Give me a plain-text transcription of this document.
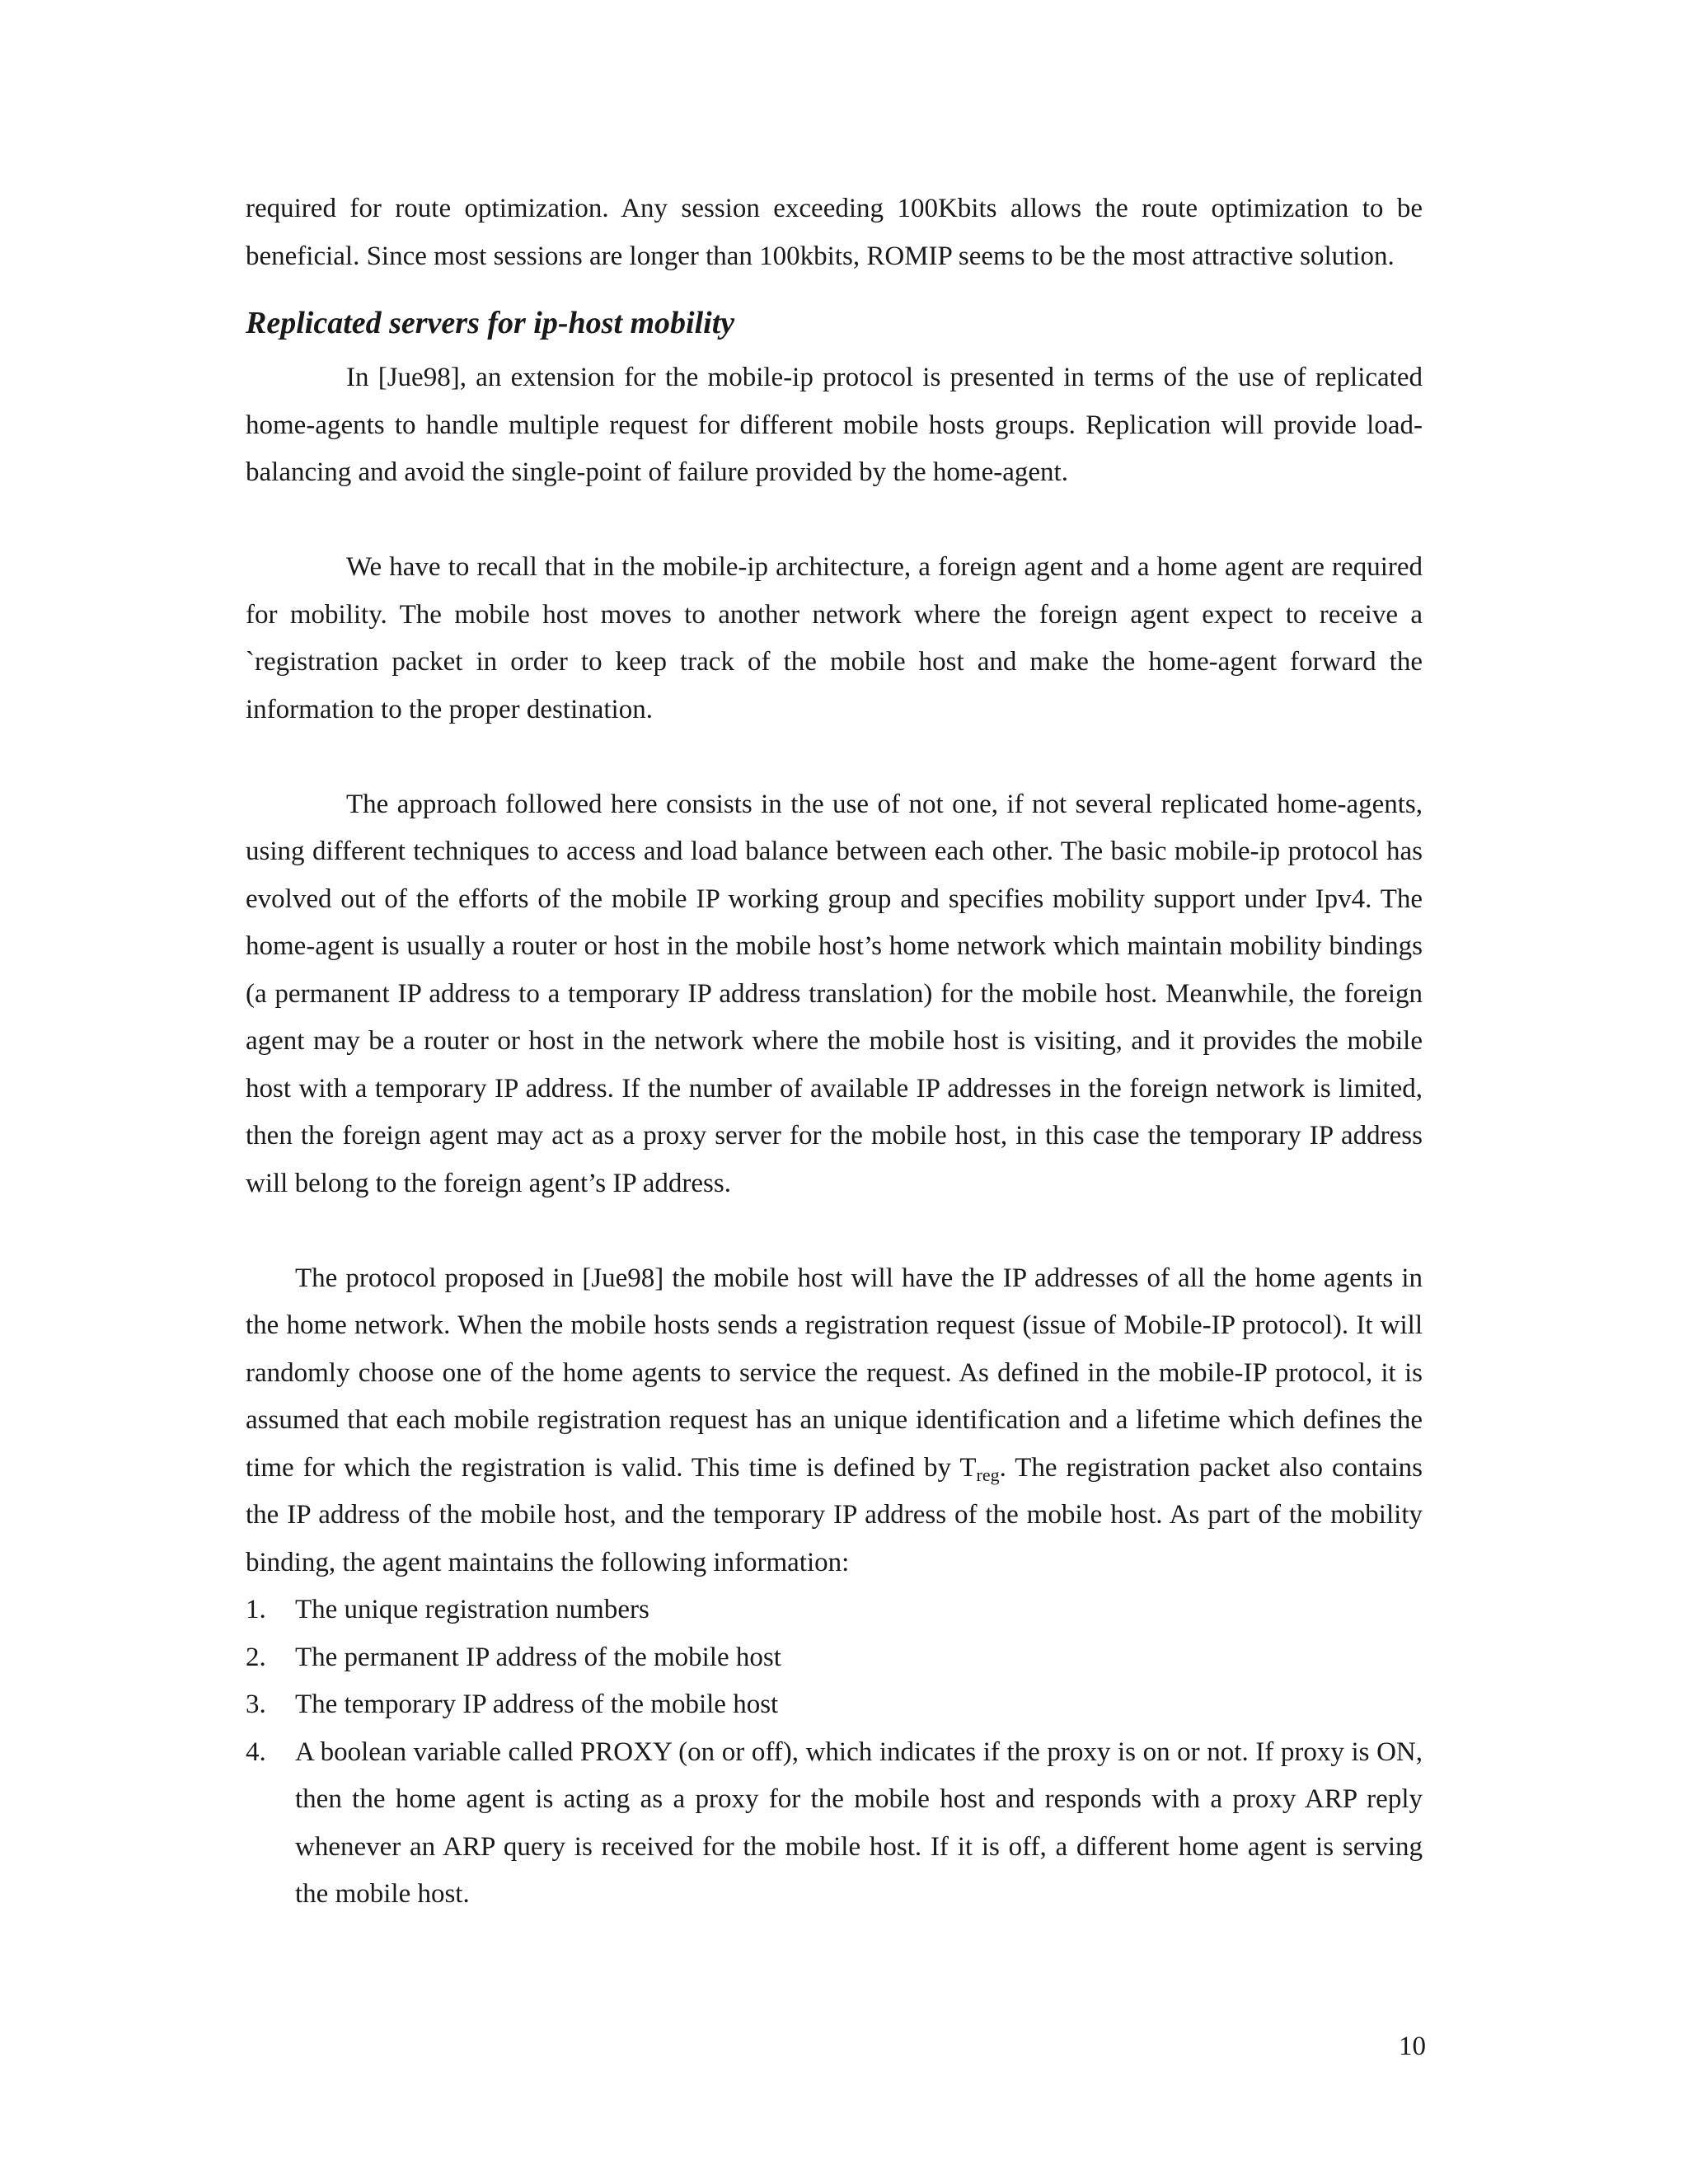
required for route optimization. Any session exceeding 100Kbits allows the route optimization to be beneficial. Since most sessions are longer than 100kbits, ROMIP seems to be the most attractive solution.

Replicated servers for ip-host mobility

In [Jue98], an extension for the mobile-ip protocol is presented in terms of the use of replicated home-agents to handle multiple request for different mobile hosts groups. Replication will provide load-balancing and avoid the single-point of failure provided by the home-agent.

We have to recall that in the mobile-ip architecture, a foreign agent and a home agent are required for mobility. The mobile host moves to another network where the foreign agent expect to receive a `registration packet in order to keep track of the mobile host and make the home-agent forward the information to the proper destination.

The approach followed here consists in the use of not one, if not several replicated home-agents, using different techniques to access and load balance between each other. The basic mobile-ip protocol has evolved out of the efforts of the mobile IP working group and specifies mobility support under Ipv4. The home-agent is usually a router or host in the mobile host’s home network which maintain mobility bindings (a permanent IP address to a temporary IP address translation) for the mobile host. Meanwhile, the foreign agent may be a router or host in the network where the mobile host is visiting, and it provides the mobile host with a temporary IP address. If the number of available IP addresses in the foreign network is limited, then the foreign agent may act as a proxy server for the mobile host, in this case the temporary IP address will belong to the foreign agent’s IP address.

The protocol proposed in [Jue98] the mobile host will have the IP addresses of all the home agents in the home network. When the mobile hosts sends a registration request (issue of Mobile-IP protocol). It will randomly choose one of the home agents to service the request. As defined in the mobile-IP protocol, it is assumed that each mobile registration request has an unique identification and a lifetime which defines the time for which the registration is valid. This time is defined by $T_{reg}$. The registration packet also contains the IP address of the mobile host, and the temporary IP address of the mobile host. As part of the mobility binding, the agent maintains the following information:

1. The unique registration numbers
2. The permanent IP address of the mobile host
3. The temporary IP address of the mobile host
4. A boolean variable called PROXY (on or off), which indicates if the proxy is on or not. If proxy is ON, then the home agent is acting as a proxy for the mobile host and responds with a proxy ARP reply whenever an ARP query is received for the mobile host. If it is off, a different home agent is serving the mobile host.
10
